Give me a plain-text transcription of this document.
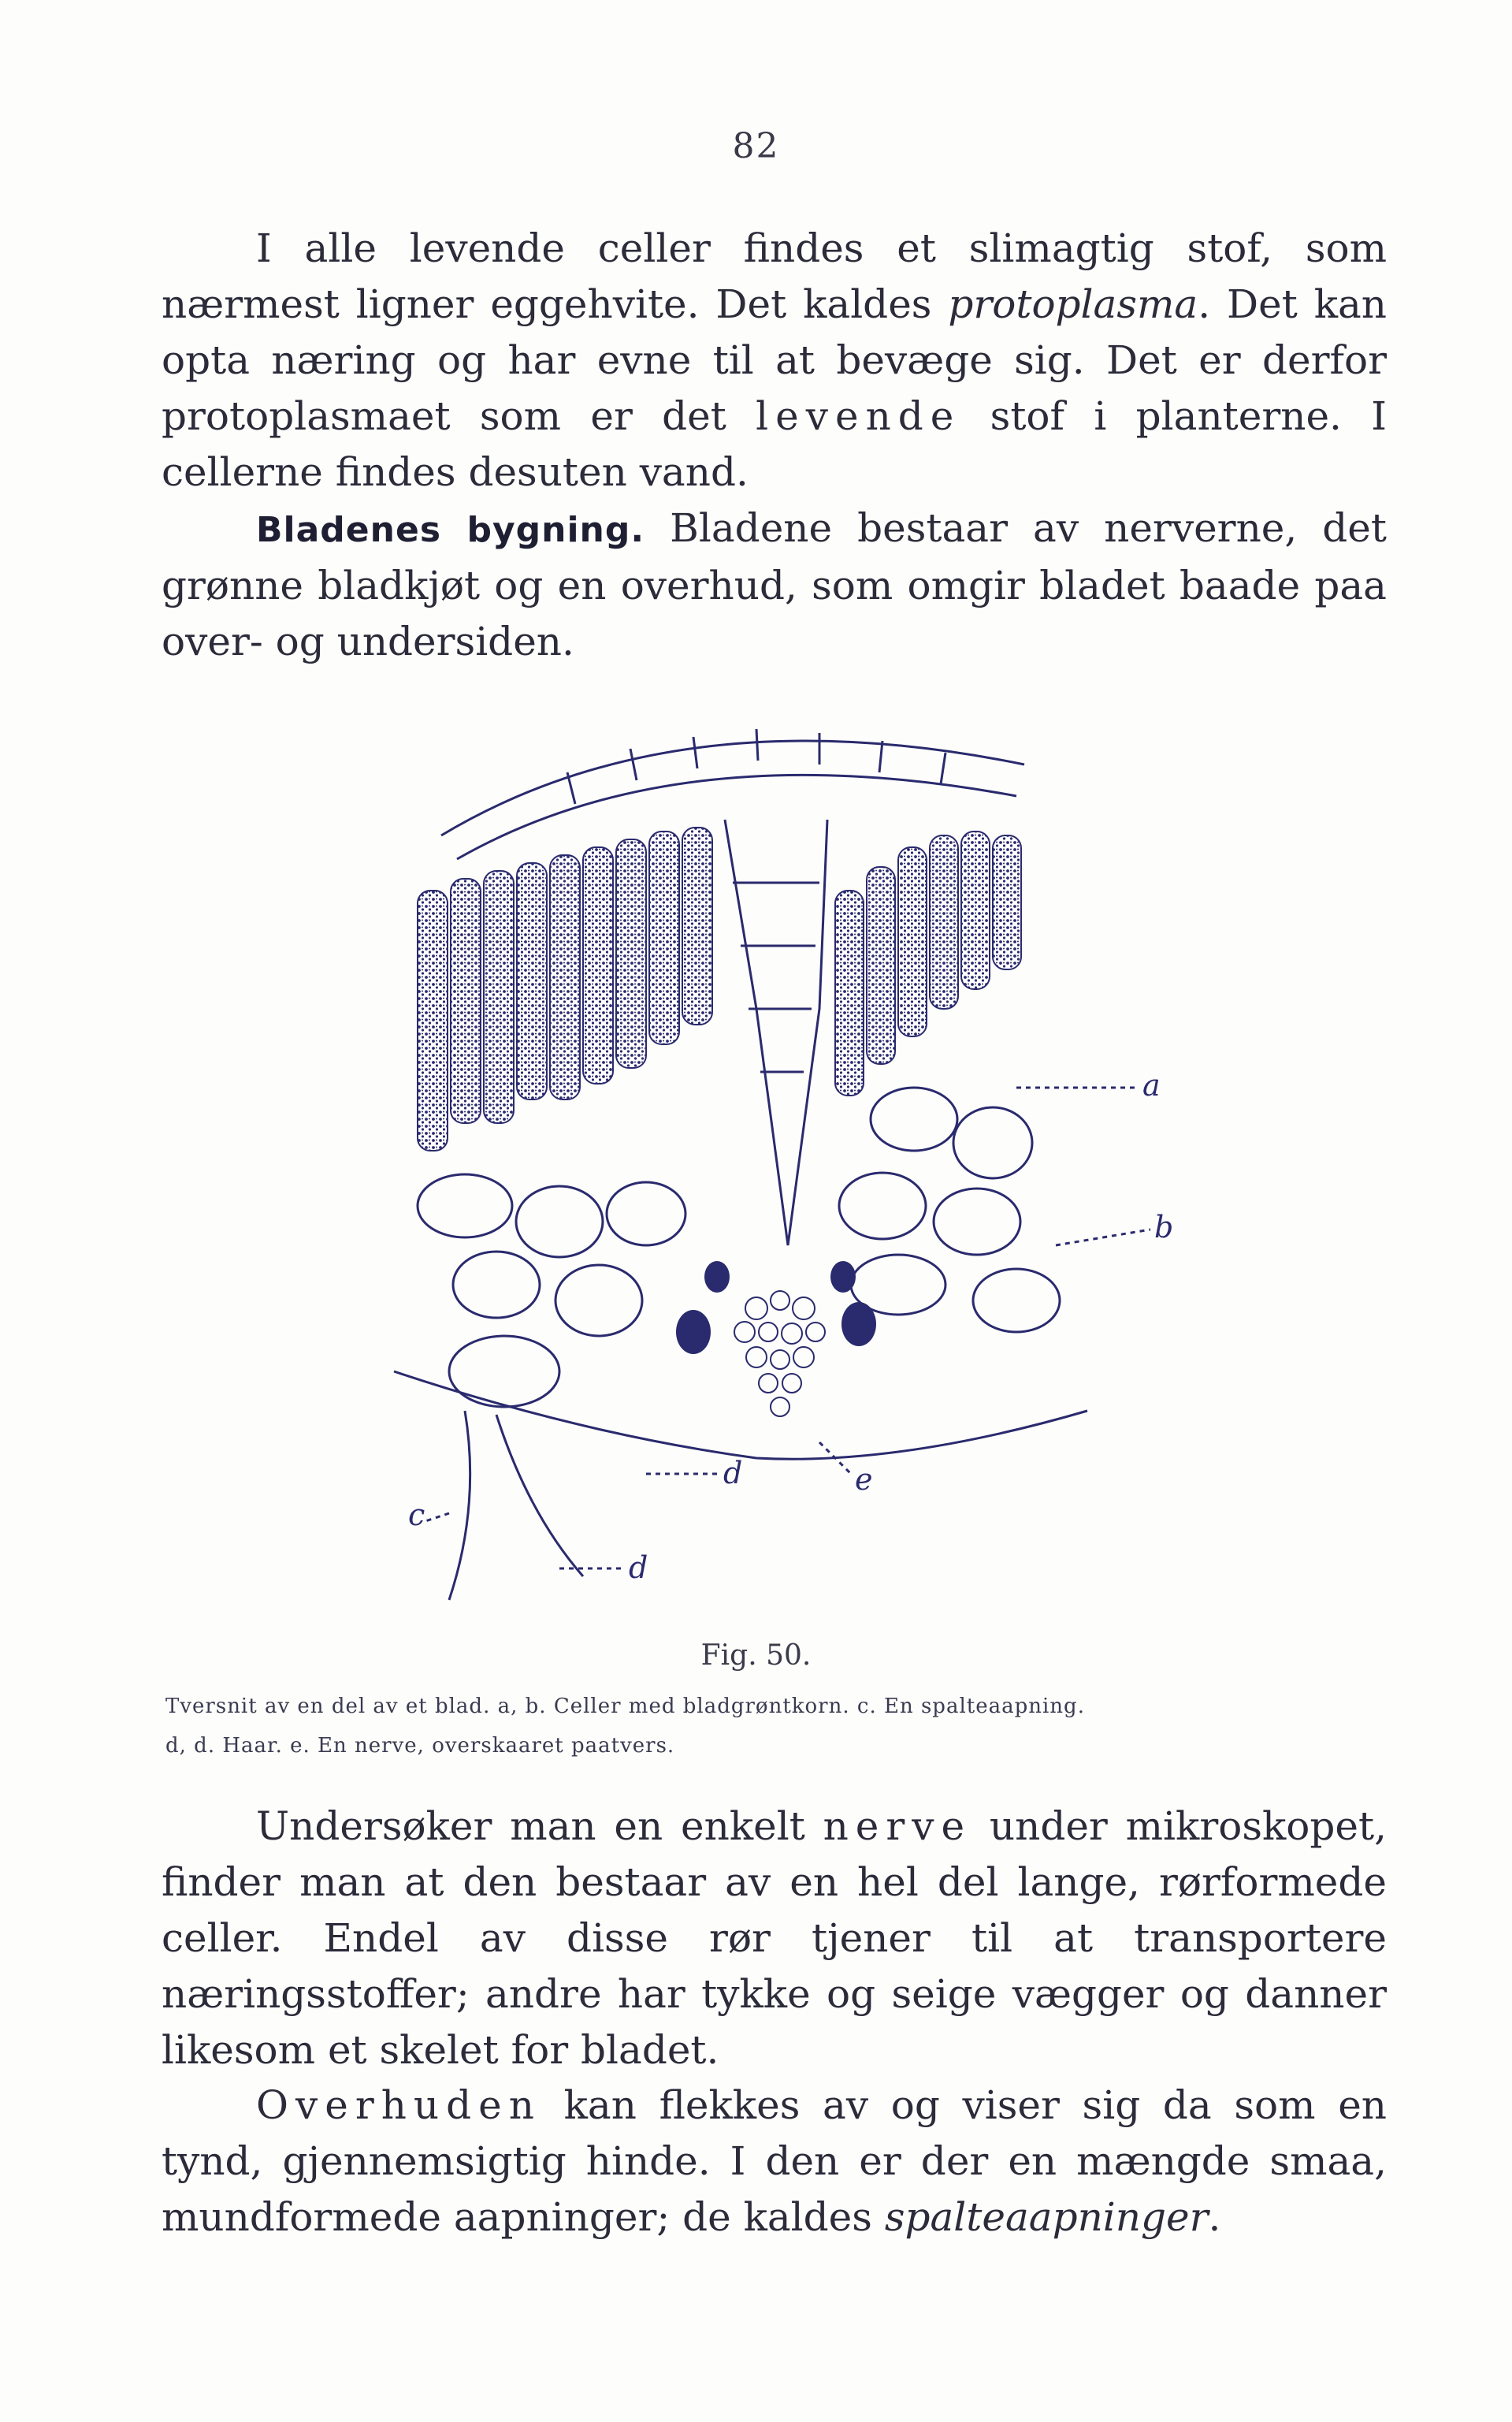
82

I alle levende celler findes et slimagtig stof, som nærmest ligner eggehvite. Det kaldes protoplasma. Det kan opta næring og har evne til at bevæge sig. Det er derfor protoplasmaet som er det levende stof i planterne. I cellerne findes desuten vand.

Bladenes bygning. Bladene bestaar av nerverne, det grønne bladkjøt og en overhud, som omgir bladet baade paa over- og undersiden.

a
b
c
d
d
e
Fig. 50.
Tversnit av en del av et blad. a, b. Celler med bladgrøntkorn. c. En spalteaapning.
d, d. Haar. e. En nerve, overskaaret paatvers.

Undersøker man en enkelt nerve under mikroskopet, finder man at den bestaar av en hel del lange, rørformede celler. Endel av disse rør tjener til at transportere næringsstoffer; andre har tykke og seige vægger og danner likesom et skelet for bladet.

Overhuden kan flekkes av og viser sig da som en tynd, gjennemsigtig hinde. I den er der en mængde smaa, mundformede aapninger; de kaldes spalteaapninger.
